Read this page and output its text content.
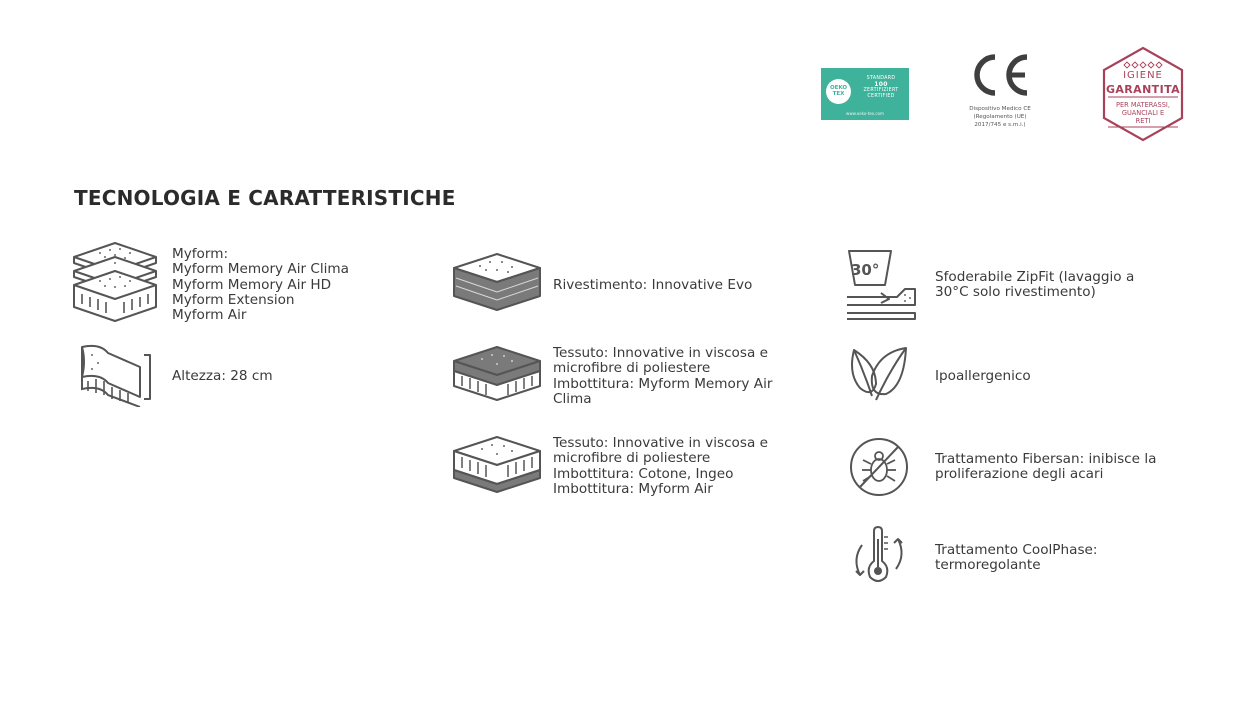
OEKO
TEX
STANDARD
100
ZERTIFIZIERT
CERTIFIED
www.oeko-tex.com
Dispositivo Medico CE
(Regolamento (UE)
2017/745 e s.m.i.)
IGIENE
GARANTITA
PER MATERASSI,
GUANCIALI E
RETI
TECNOLOGIA E CARATTERISTICHE
Myform:
Myform Memory Air Clima
Myform Memory Air HD
Myform Extension
Myform Air
Altezza: 28 cm
Rivestimento: Innovative Evo
Tessuto: Innovative in viscosa e
microfibre di poliestere
Imbottitura: Myform Memory Air
Clima
Tessuto: Innovative in viscosa e
microfibre di poliestere
Imbottitura: Cotone, Ingeo
Imbottitura: Myform Air
30°	Sfoderabile ZipFit (lavaggio a
30°C solo rivestimento)
Ipoallergenico
Trattamento Fibersan: inibisce la
proliferazione degli acari
Trattamento CoolPhase:
termoregolante
